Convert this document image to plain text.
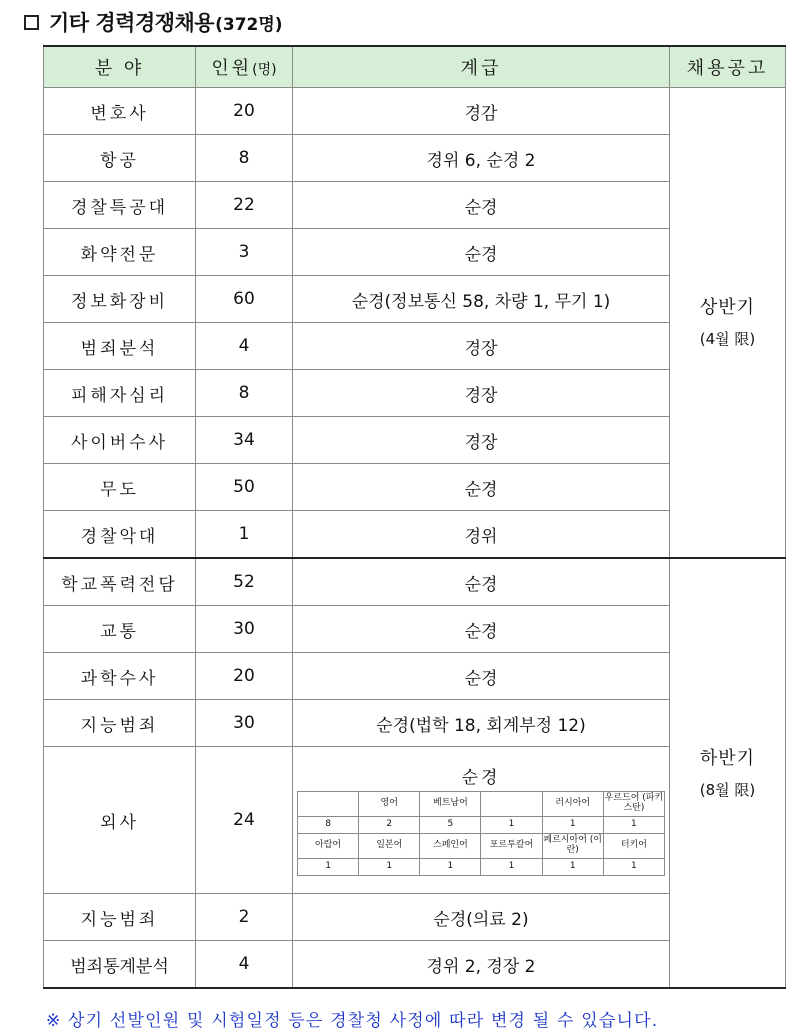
기타 경력경쟁채용 (372명)
분 야	인원(명)	계급	채용공고
변호사	20	경감	
상반기
(4월 限)

항공	8	경위 6, 순경 2
경찰특공대	22	순경
화약전문	3	순경
정보화장비	60	순경(정보통신 58, 차량 1, 무기 1)
범죄분석	4	경장
피해자심리	8	경장
사이버수사	34	경장
무도	50	순경
경찰악대	1	경위
학교폭력전담	52	순경	
하반기
(8월 限)

교통	30	순경
과학수사	20	순경
지능범죄	30	순경(법학 18, 회계부정 12)
외사	24	
순경
	영어	베트남어		러시아어	우르드어 (파키스탄)
8	2	5	1	1	1
아랍어	일본어	스페인어	포르투칼어	페르시아어 (이란)	터키어
1	1	1	1	1	1

지능범죄	2	순경(의료 2)
범죄통계분석	4	경위 2, 경장 2
※ 상기 선발인원 및 시험일정 등은 경찰청 사정에 따라 변경 될 수 있습니다.
